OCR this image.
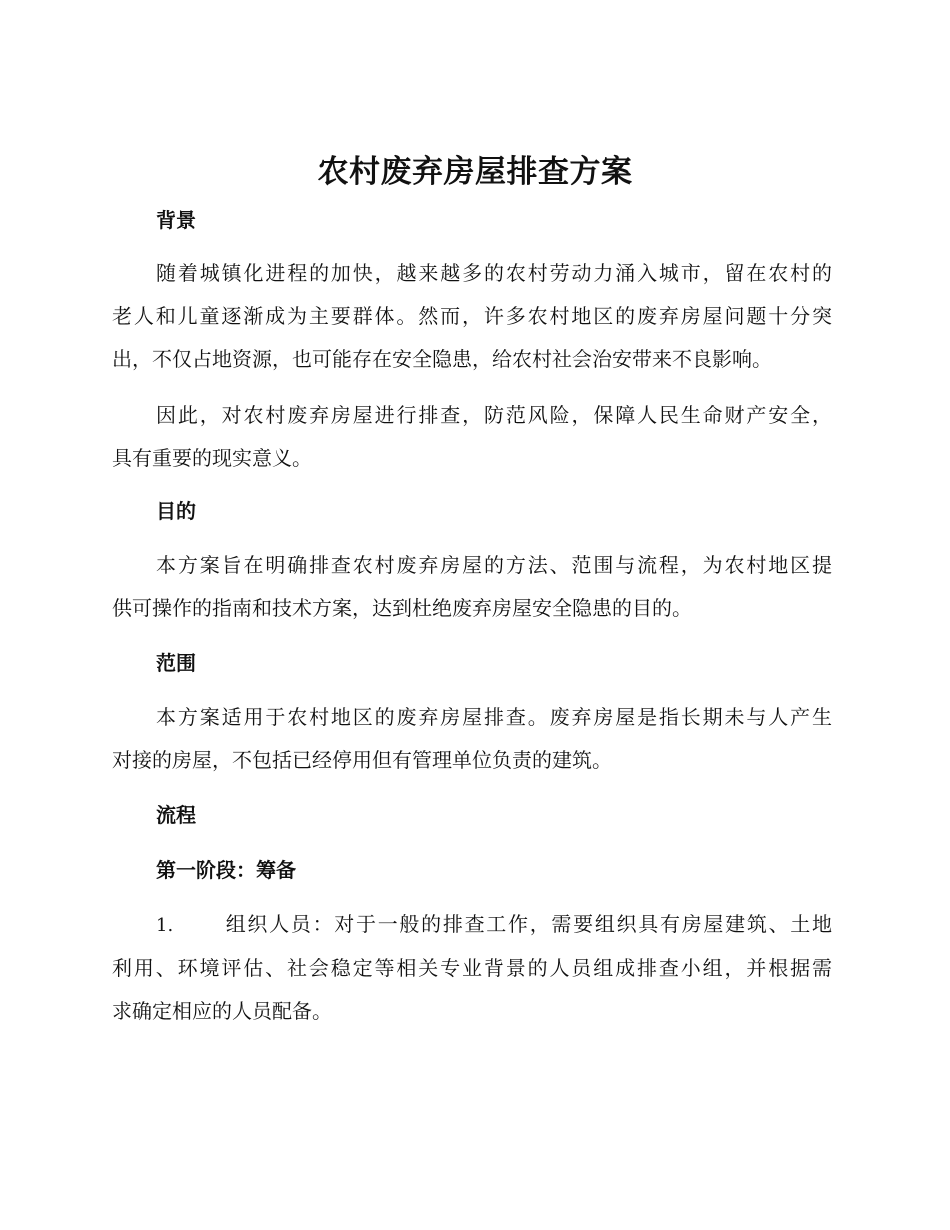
农村废弃房屋排查方案
背景
随着城镇化进程的加快，越来越多的农村劳动力涌入城市，留在农村的
老人和儿童逐渐成为主要群体。然而，许多农村地区的废弃房屋问题十分突
出，不仅占地资源，也可能存在安全隐患，给农村社会治安带来不良影响。
因此，对农村废弃房屋进行排查，防范风险，保障人民生命财产安全，
具有重要的现实意义。
目的
本方案旨在明确排查农村废弃房屋的方法、范围与流程，为农村地区提
供可操作的指南和技术方案，达到杜绝废弃房屋安全隐患的目的。
范围
本方案适用于农村地区的废弃房屋排查。废弃房屋是指长期未与人产生
对接的房屋，不包括已经停用但有管理单位负责的建筑。
流程
第一阶段：筹备
1.	组织人员：对于一般的排查工作，需要组织具有房屋建筑、土地
利用、环境评估、社会稳定等相关专业背景的人员组成排查小组，并根据需
求确定相应的人员配备。
